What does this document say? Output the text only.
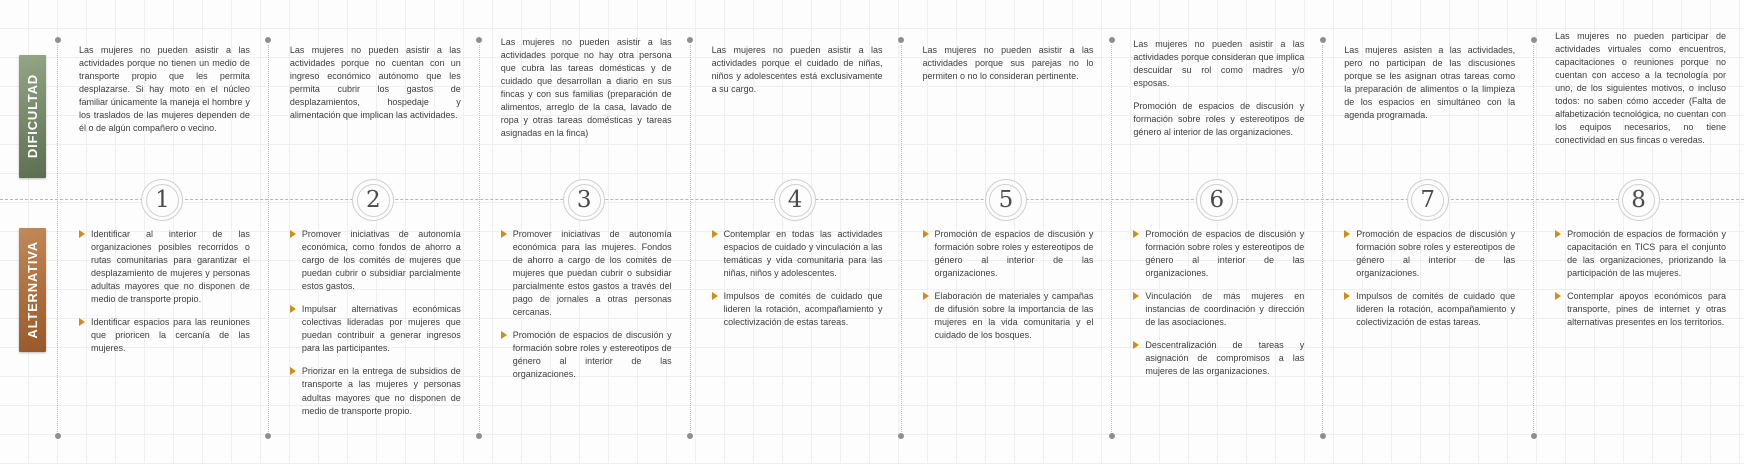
DIFICULTAD
ALTERNATIVA

Las mujeres no pueden asistir a las actividades porque no tienen un medio de transporte propio que les permita desplazarse. Si hay moto en el núcleo familiar únicamente la maneja el hombre y los traslados de las mujeres dependen de él o de algún compañero o vecino.

1
Identificar al interior de las organizaciones posibles recorridos o rutas comunitarias para garantizar el desplazamiento de mujeres y personas adultas mayores que no disponen de medio de transporte propio.
Identificar espacios para las reuniones que prioricen la cercanía de las mujeres.

Las mujeres no pueden asistir a las actividades porque no cuentan con un ingreso económico autónomo que les permita cubrir los gastos de desplazamientos, hospedaje y alimentación que implican las actividades.

2
Promover iniciativas de autonomía económica, como fondos de ahorro a cargo de los comités de mujeres que puedan cubrir o subsidiar parcialmente estos gastos.
Impulsar alternativas económicas colectivas lideradas por mujeres que puedan contribuir a generar ingresos para las participantes.
Priorizar en la entrega de subsidios de transporte a las mujeres y personas adultas mayores que no disponen de medio de transporte propio.

Las mujeres no pueden asistir a las actividades porque no hay otra persona que cubra las tareas domésticas y de cuidado que desarrollan a diario en sus fincas y con sus familias (preparación de alimentos, arreglo de la casa, lavado de ropa y otras tareas domésticas y tareas asignadas en la finca)

3
Promover iniciativas de autonomía económica para las mujeres. Fondos de ahorro a cargo de los comités de mujeres que puedan cubrir o subsidiar parcialmente estos gastos a través del pago de jornales a otras personas cercanas.
Promoción de espacios de discusión y formación sobre roles y estereotipos de género al interior de las organizaciones.

Las mujeres no pueden asistir a las actividades porque el cuidado de niñas, niños y adolescentes está exclusivamente a su cargo.

4
Contemplar en todas las actividades espacios de cuidado y vinculación a las temáticas y vida comunitaria para las niñas, niños y adolescentes.
Impulsos de comités de cuidado que lideren la rotación, acompañamiento y colectivización de estas tareas.

Las mujeres no pueden asistir a las actividades porque sus parejas no lo permiten o no lo consideran pertinente.

5
Promoción de espacios de discusión y formación sobre roles y estereotipos de género al interior de las organizaciones.
Elaboración de materiales y campañas de difusión sobre la importancia de las mujeres en la vida comunitaria y el cuidado de los bosques.

Las mujeres no pueden asistir a las actividades porque consideran que implica descuidar su rol como madres y/o esposas.

Promoción de espacios de discusión y formación sobre roles y estereotipos de género al interior de las organizaciones.

6
Promoción de espacios de discusión y formación sobre roles y estereotipos de género al interior de las organizaciones.
Vinculación de más mujeres en instancias de coordinación y dirección de las asociaciones.
Descentralización de tareas y asignación de compromisos a las mujeres de las organizaciones.

Las mujeres asisten a las actividades, pero no participan de las discusiones porque se les asignan otras tareas como la preparación de alimentos o la limpieza de los espacios en simultáneo con la agenda programada.

7
Promoción de espacios de discusión y formación sobre roles y estereotipos de género al interior de las organizaciones.
Impulsos de comités de cuidado que lideren la rotación, acompañamiento y colectivización de estas tareas.

Las mujeres no pueden participar de actividades virtuales como encuentros, capacitaciones o reuniones porque no cuentan con acceso a la tecnología por uno, de los siguientes motivos, o incluso todos: no saben cómo acceder (Falta de alfabetización tecnológica, no cuentan con los equipos necesarios, no tiene conectividad en sus fincas o veredas.

8
Promoción de espacios de formación y capacitación en TICS para el conjunto de las organizaciones, priorizando la participación de las mujeres.
Contemplar apoyos económicos para transporte, pines de internet y otras alternativas presentes en los territorios.
